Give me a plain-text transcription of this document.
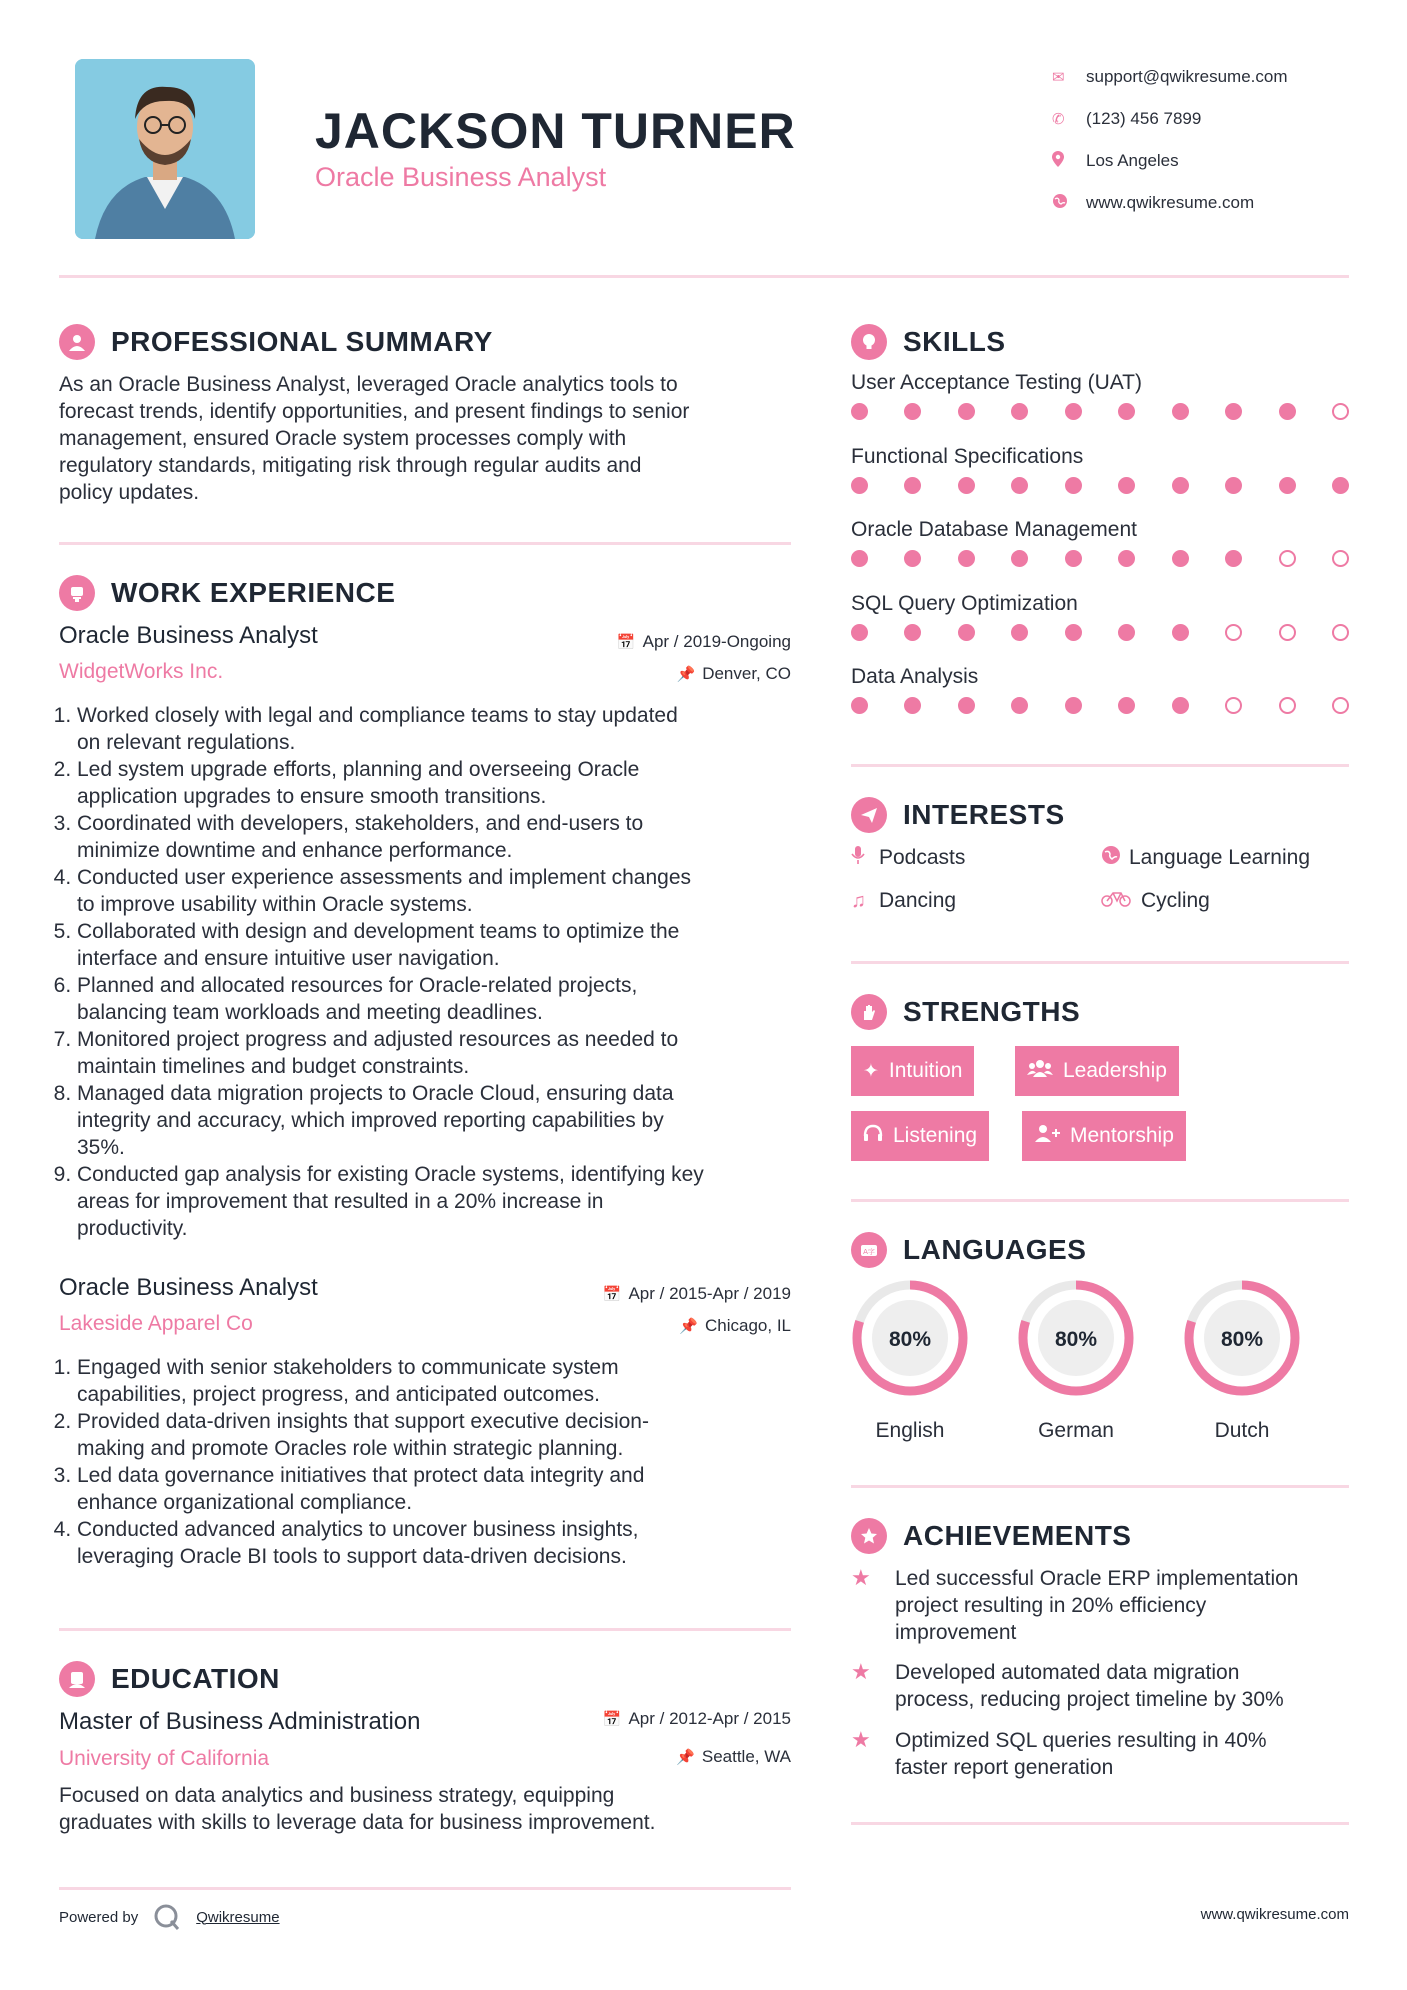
JACKSON TURNER
Oracle Business Analyst
✉	support@qwikresume.com
✆	(123) 456 7899
Los Angeles
www.qwikresume.com
PROFESSIONAL SUMMARY
As an Oracle Business Analyst, leveraged Oracle analytics tools to
forecast trends, identify opportunities, and present findings to senior
management, ensured Oracle system processes comply with
regulatory standards, mitigating risk through regular audits and
policy updates.
WORK EXPERIENCE
Oracle Business Analyst
WidgetWorks Inc.
📅 Apr / 2019-Ongoing
📌 Denver, CO
1. Worked closely with legal and compliance teams to stay updated
on relevant regulations.
2. Led system upgrade efforts, planning and overseeing Oracle
application upgrades to ensure smooth transitions.
3. Coordinated with developers, stakeholders, and end-users to
minimize downtime and enhance performance.
4. Conducted user experience assessments and implement changes
to improve usability within Oracle systems.
5. Collaborated with design and development teams to optimize the
interface and ensure intuitive user navigation.
6. Planned and allocated resources for Oracle-related projects,
balancing team workloads and meeting deadlines.
7. Monitored project progress and adjusted resources as needed to
maintain timelines and budget constraints.
8. Managed data migration projects to Oracle Cloud, ensuring data
integrity and accuracy, which improved reporting capabilities by
35%.
9. Conducted gap analysis for existing Oracle systems, identifying key
areas for improvement that resulted in a 20% increase in
productivity.
Oracle Business Analyst
Lakeside Apparel Co
📅 Apr / 2015-Apr / 2019
📌 Chicago, IL
1. Engaged with senior stakeholders to communicate system
capabilities, project progress, and anticipated outcomes.
2. Provided data-driven insights that support executive decision-
making and promote Oracles role within strategic planning.
3. Led data governance initiatives that protect data integrity and
enhance organizational compliance.
4. Conducted advanced analytics to uncover business insights,
leveraging Oracle BI tools to support data-driven decisions.
EDUCATION
Master of Business Administration
University of California
📅 Apr / 2012-Apr / 2015
📌 Seattle, WA
Focused on data analytics and business strategy, equipping
graduates with skills to leverage data for business improvement.
SKILLS
User Acceptance Testing (UAT)
Functional Specifications
Oracle Database Management
SQL Query Optimization
Data Analysis
INTERESTS
Podcasts	Language Learning
♫ Dancing	Cycling
STRENGTHS
✦ Intuition	Leadership
Listening	Mentorship
A字 LANGUAGES
80%
English
80%
German
80%
Dutch
ACHIEVEMENTS
★	Led successful Oracle ERP implementation
project resulting in 20% efficiency
improvement
★	Developed automated data migration
process, reducing project timeline by 30%
★	Optimized SQL queries resulting in 40%
faster report generation
Powered by	Qwikresume	www.qwikresume.com
